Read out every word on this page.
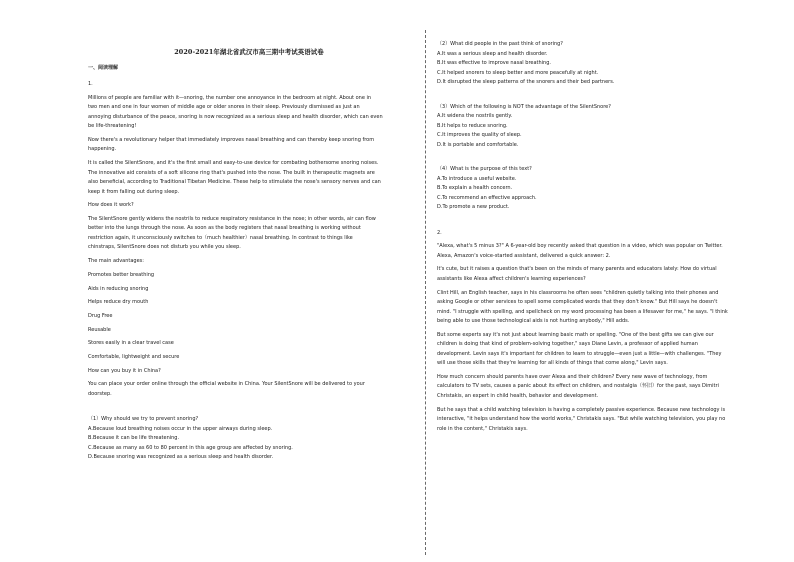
2020-2021年湖北省武汉市高三期中考试英语试卷
一、阅读理解

1.

Millions of people are familiar with it—snoring, the number one annoyance in the bedroom at night. About one in
two men and one in four women of middle age or older snores in their sleep. Previously dismissed as just an
annoying disturbance of the peace, snoring is now recognized as a serious sleep and health disorder, which can even
be life-threatening!

Now there's a revolutionary helper that immediately improves nasal breathing and can thereby keep snoring from
happening.

It is called the SilentSnore, and it's the first small and easy-to-use device for combating bothersome snoring noises.
The innovative aid consists of a soft silicone ring that's pushed into the nose. The built in therapeutic magnets are
also beneficial, according to Traditional Tibetan Medicine. These help to stimulate the nose's sensory nerves and can
keep it from falling out during sleep.

How does it work?

The SilentSnore gently widens the nostrils to reduce respiratory resistance in the nose; in other words, air can flow
better into the lungs through the nose. As soon as the body registers that nasal breathing is working without
restriction again, it unconsciously switches to（much healthier）nasal breathing. In contrast to things like
chinstraps, SilentSnore does not disturb you while you sleep.

The main advantages:

Promotes better breathing

Aids in reducing snoring

Helps reduce dry mouth

Drug Free

Reusable

Stores easily in a clear travel case

Comfortable, lightweight and secure

How can you buy it in China?

You can place your order online through the official website in China. Your SilentSnore will be delivered to your
doorstep.

（1）Why should we try to prevent snoring?

A.Because loud breathing noises occur in the upper airways during sleep.

B.Because it can be life threatening.

C.Because as many as 60 to 80 percent in this age group are affected by snoring.

D.Because snoring was recognized as a serious sleep and health disorder.

（2）What did people in the past think of snoring?

A.It was a serious sleep and health disorder.

B.It was effective to improve nasal breathing.

C.It helped snorers to sleep better and more peacefully at night.

D.It disrupted the sleep patterns of the snorers and their bed partners.

（3）Which of the following is NOT the advantage of the SilentSnore?

A.It widens the nostrils gently.

B.It helps to reduce snoring.

C.It improves the quality of sleep.

D.It is portable and comfortable.

（4）What is the purpose of this text?

A.To introduce a useful website.

B.To explain a health concern.

C.To recommend an effective approach.

D.To promote a new product.

2.

"Alexa, what's 5 minus 3?" A 6-year-old boy recently asked that question in a video, which was popular on Twitter.
Alexa, Amazon's voice-started assistant, delivered a quick answer: 2.

It's cute, but it raises a question that's been on the minds of many parents and educators lately: How do virtual
assistants like Alexa affect children's learning experiences?

Clint Hill, an English teacher, says in his classrooms he often sees "children quietly talking into their phones and
asking Google or other services to spell some complicated words that they don't know." But Hill says he doesn't
mind. "I struggle with spelling, and spellcheck on my word processing has been a lifesaver for me," he says. "I think
being able to use those technological aids is not hurting anybody," Hill adds.

But some experts say it's not just about learning basic math or spelling. "One of the best gifts we can give our
children is doing that kind of problem-solving together," says Diane Levin, a professor of applied human
development. Levin says it's important for children to learn to struggle—even just a little—with challenges. "They
will use those skills that they're learning for all kinds of things that come along," Levin says.

How much concern should parents have over Alexa and their children? Every new wave of technology, from
calculators to TV sets, causes a panic about its effect on children, and nostalgia（怀旧）for the past, says Dimitri
Christakis, an expert in child health, behavior and development.

But he says that a child watching television is having a completely passive experience. Because new technology is
interactive, "it helps understand how the world works," Christakis says. "But while watching television, you play no
role in the content," Christakis says.
